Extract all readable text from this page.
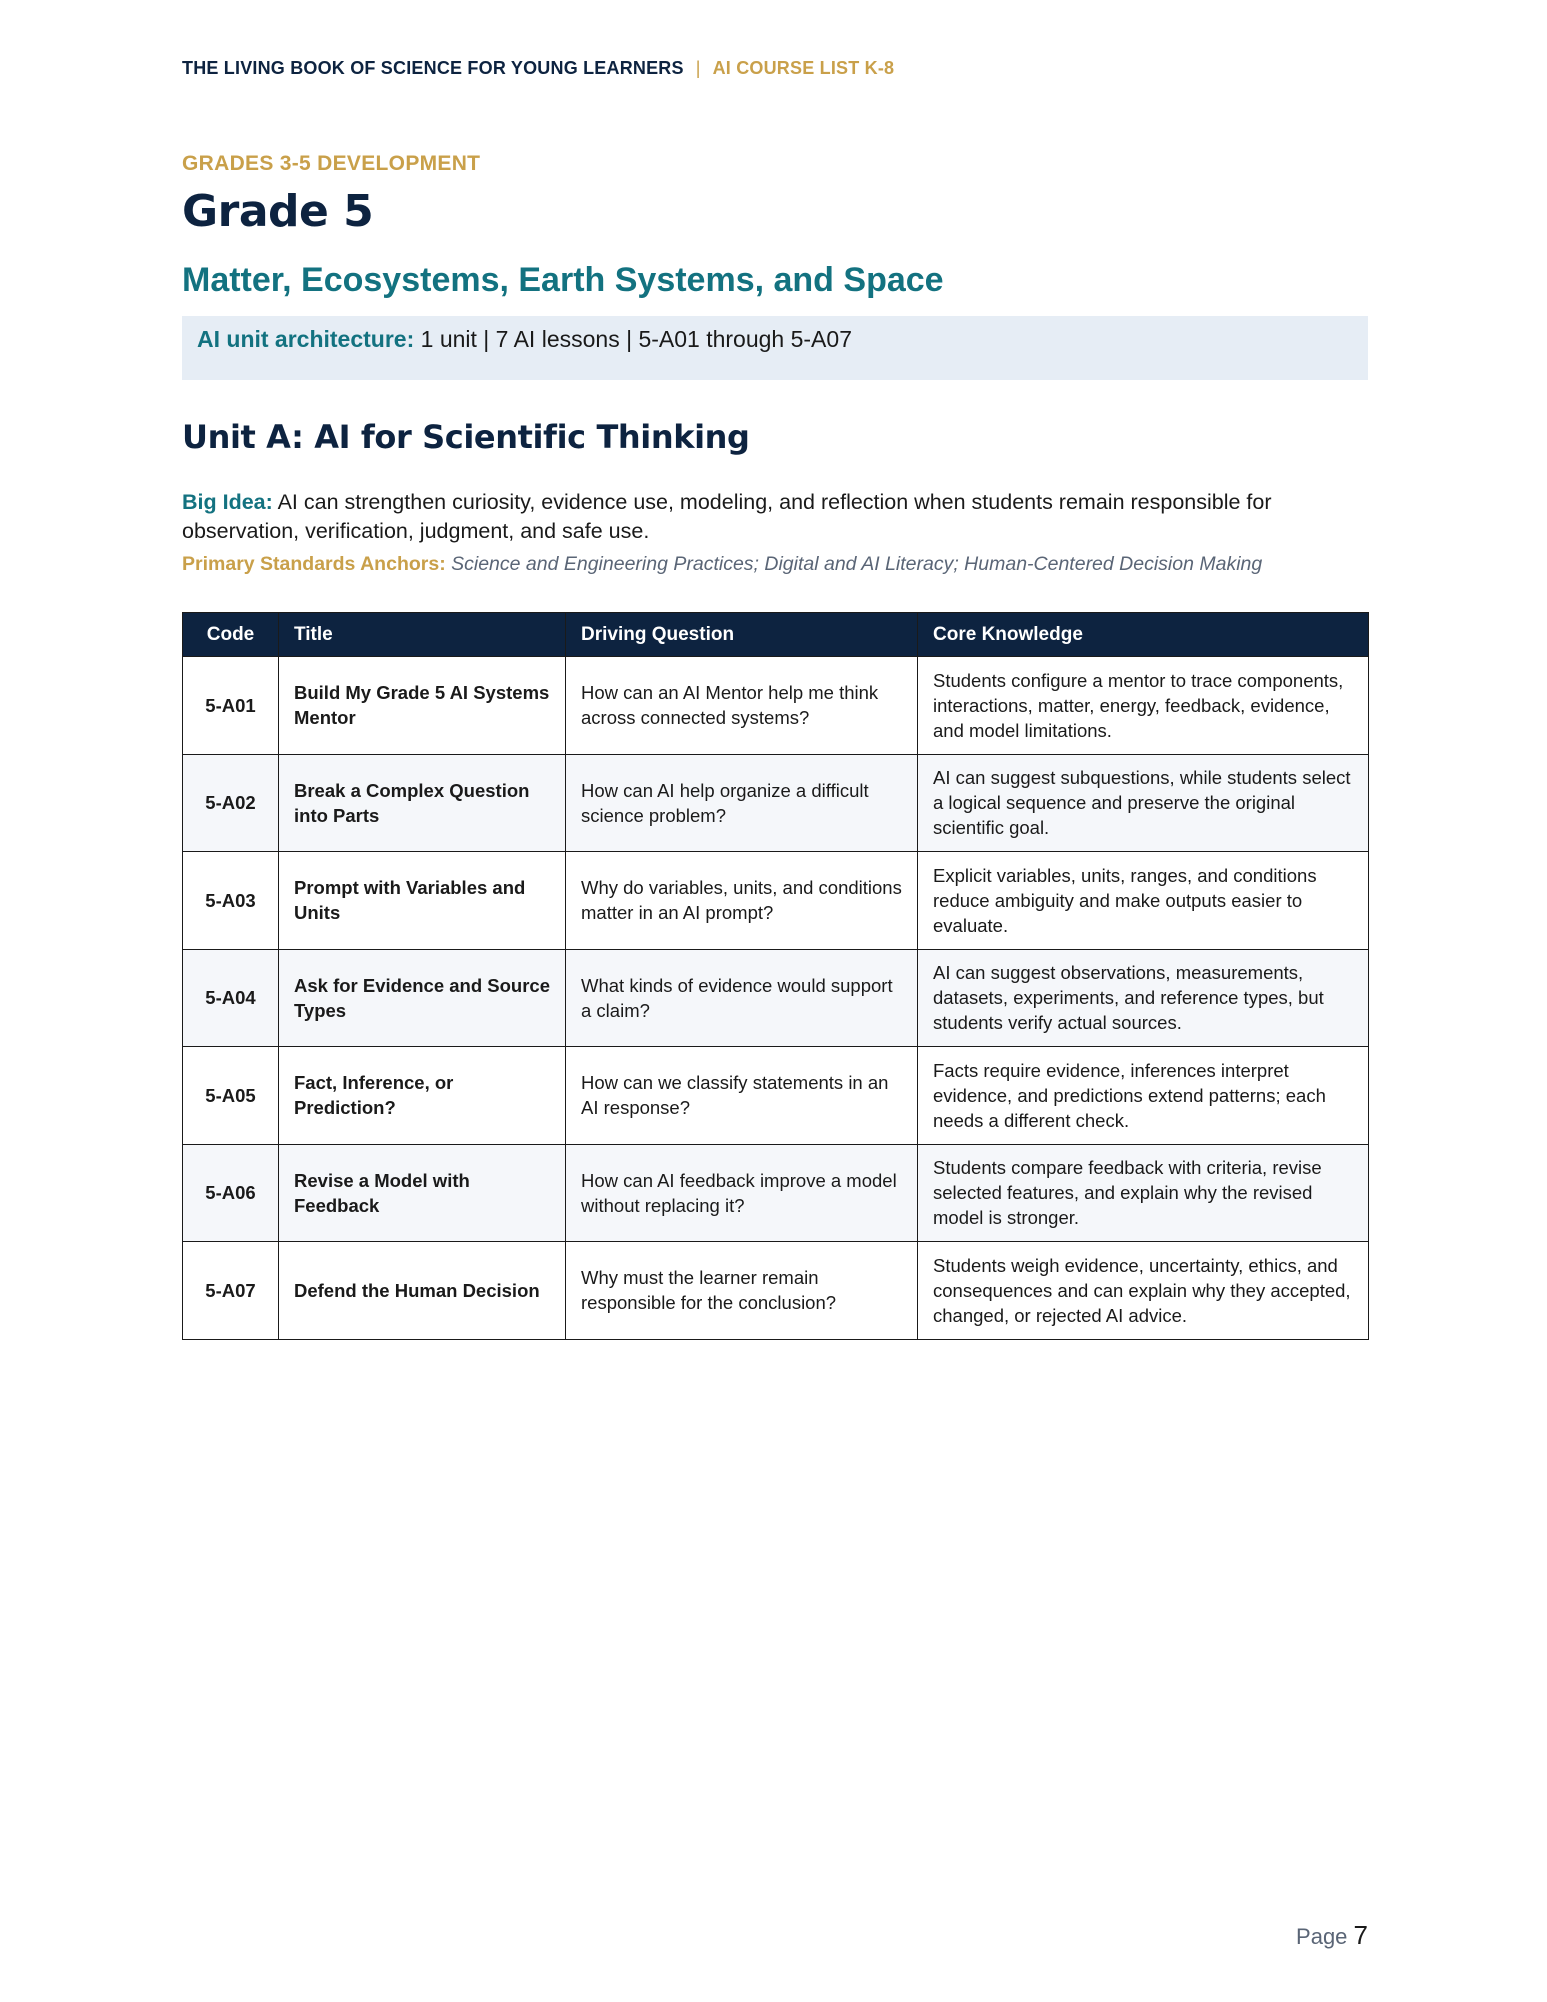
THE LIVING BOOK OF SCIENCE FOR YOUNG LEARNERS | AI COURSE LIST K-8
GRADES 3-5 DEVELOPMENT
Grade 5
Matter, Ecosystems, Earth Systems, and Space
AI unit architecture: 1 unit | 7 AI lessons | 5-A01 through 5-A07
Unit A: AI for Scientific Thinking
Big Idea: AI can strengthen curiosity, evidence use, modeling, and reflection when students remain responsible for observation, verification, judgment, and safe use.
Primary Standards Anchors: Science and Engineering Practices; Digital and AI Literacy; Human-Centered Decision Making
Code	Title	Driving Question	Core Knowledge
5-A01	Build My Grade 5 AI Systems Mentor	How can an AI Mentor help me think across connected systems?	Students configure a mentor to trace components, interactions, matter, energy, feedback, evidence, and model limitations.
5-A02	Break a Complex Question into Parts	How can AI help organize a difficult science problem?	AI can suggest subquestions, while students select a logical sequence and preserve the original scientific goal.
5-A03	Prompt with Variables and Units	Why do variables, units, and conditions matter in an AI prompt?	Explicit variables, units, ranges, and conditions reduce ambiguity and make outputs easier to evaluate.
5-A04	Ask for Evidence and Source Types	What kinds of evidence would support a claim?	AI can suggest observations, measurements, datasets, experiments, and reference types, but students verify actual sources.
5-A05	Fact, Inference, or Prediction?	How can we classify statements in an AI response?	Facts require evidence, inferences interpret evidence, and predictions extend patterns; each needs a different check.
5-A06	Revise a Model with Feedback	How can AI feedback improve a model without replacing it?	Students compare feedback with criteria, revise selected features, and explain why the revised model is stronger.
5-A07	Defend the Human Decision	Why must the learner remain responsible for the conclusion?	Students weigh evidence, uncertainty, ethics, and consequences and can explain why they accepted, changed, or rejected AI advice.
Page 7
